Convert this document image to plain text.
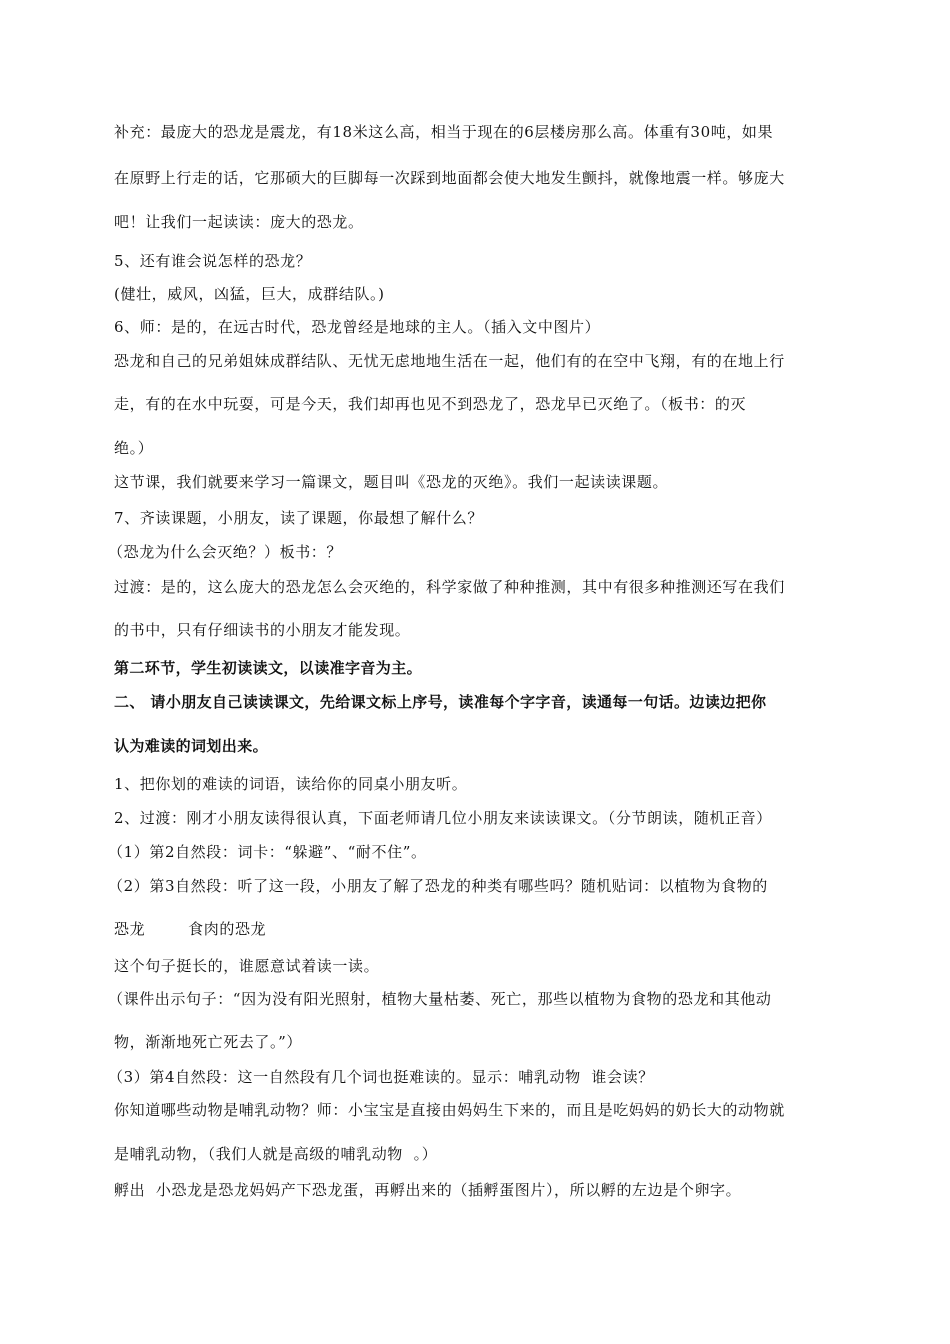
补充：最庞大的恐龙是震龙，有18米这么高，相当于现在的6层楼房那么高。体重有30吨，如果
在原野上行走的话，它那硕大的巨脚每一次踩到地面都会使大地发生颤抖，就像地震一样。够庞大
吧！让我们一起读读：庞大的恐龙。
5、还有谁会说怎样的恐龙？
(健壮，威风，凶猛，巨大，成群结队。)
6、师：是的，在远古时代，恐龙曾经是地球的主人。（插入文中图片）
恐龙和自己的兄弟姐妹成群结队、无忧无虑地地生活在一起，他们有的在空中飞翔，有的在地上行
走，有的在水中玩耍，可是今天，我们却再也见不到恐龙了，恐龙早已灭绝了。（板书：的灭
绝。）
这节课，我们就要来学习一篇课文，题目叫《恐龙的灭绝》。我们一起读读课题。
7、齐读课题，小朋友，读了课题，你最想了解什么？
（恐龙为什么会灭绝？）板书：？
过渡：是的，这么庞大的恐龙怎么会灭绝的，科学家做了种种推测，其中有很多种推测还写在我们
的书中，只有仔细读书的小朋友才能发现。
第二环节，学生初读读文，以读准字音为主。
二、 请小朋友自己读读课文，先给课文标上序号，读准每个字字音，读通每一句话。边读边把你
认为难读的词划出来。
1、把你划的难读的词语，读给你的同桌小朋友听。
2、过渡：刚才小朋友读得很认真，下面老师请几位小朋友来读读课文。（分节朗读，随机正音）
（1）第2自然段：词卡：“躲避”、“耐不住”。
（2）第3自然段：听了这一段，小朋友了解了恐龙的种类有哪些吗？随机贴词：以植物为食物的
恐龙        食肉的恐龙
这个句子挺长的，谁愿意试着读一读。
（课件出示句子：“因为没有阳光照射，植物大量枯萎、死亡，那些以植物为食物的恐龙和其他动
物，渐渐地死亡死去了。”）
（3）第4自然段：这一自然段有几个词也挺难读的。显示：哺乳动物  谁会读？
你知道哪些动物是哺乳动物？师：小宝宝是直接由妈妈生下来的，而且是吃妈妈的奶长大的动物就
是哺乳动物，（我们人就是高级的哺乳动物  。）
孵出  小恐龙是恐龙妈妈产下恐龙蛋，再孵出来的（插孵蛋图片），所以孵的左边是个卵字。
